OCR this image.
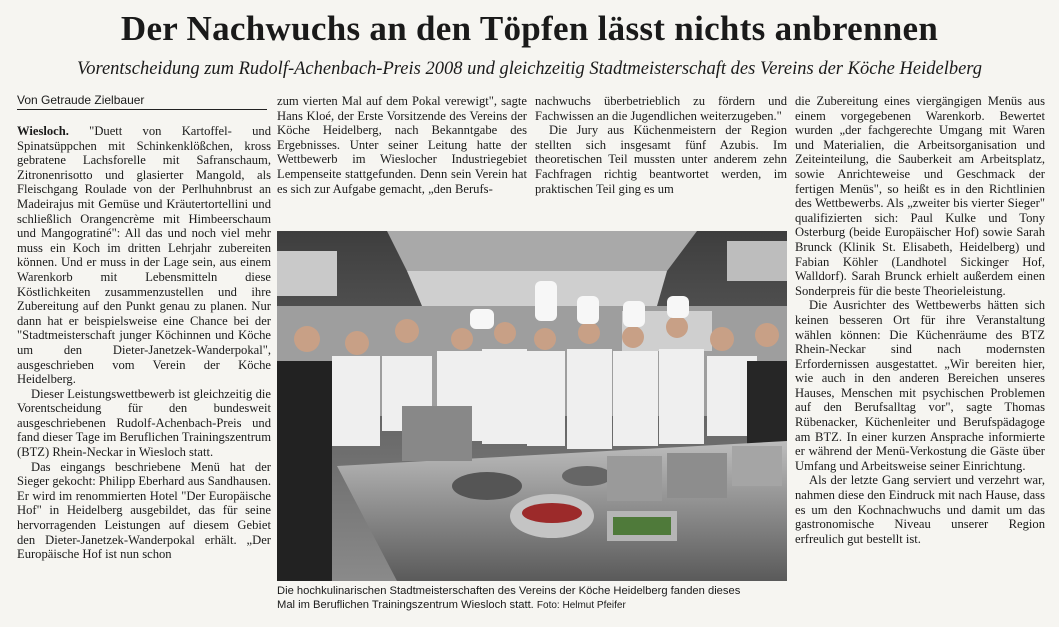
Der Nachwuchs an den Töpfen lässt nichts anbrennen
Vorentscheidung zum Rudolf-Achenbach-Preis 2008 und gleichzeitig Stadtmeisterschaft des Vereins der Köche Heidelberg
Von Getraude Zielbauer

Wiesloch. "Duett von Kartoffel- und Spinatsüppchen mit Schinkenklößchen, kross gebratene Lachsforelle mit Safranschaum, Zitronenrisotto und glasierter Mangold, als Fleischgang Roulade von der Perlhuhnbrust an Madeirajus mit Gemüse und Kräutertortellini und schließlich Orangencrème mit Himbeerschaum und Mangogratiné": All das und noch viel mehr muss ein Koch im dritten Lehrjahr zubereiten können. Und er muss in der Lage sein, aus einem Warenkorb mit Lebensmitteln diese Köstlichkeiten zusammenzustellen und ihre Zubereitung auf den Punkt genau zu planen. Nur dann hat er beispielsweise eine Chance bei der "Stadtmeisterschaft junger Köchinnen und Köche um den Dieter-Janetzek-Wanderpokal", ausgeschrieben vom Verein der Köche Heidelberg.

Dieser Leistungswettbewerb ist gleichzeitig die Vorentscheidung für den bundesweit ausgeschriebenen Rudolf-Achenbach-Preis und fand dieser Tage im Beruflichen Trainingszentrum (BTZ) Rhein-Neckar in Wiesloch statt.

Das eingangs beschriebene Menü hat der Sieger gekocht: Philipp Eberhard aus Sandhausen. Er wird im renommierten Hotel "Der Europäische Hof" in Heidelberg ausgebildet, das für seine hervorragenden Leistungen auf diesem Gebiet den Dieter-Janetzek-Wanderpokal erhält. „Der Europäische Hof ist nun schon

zum vierten Mal auf dem Pokal verewigt", sagte Hans Kloé, der Erste Vorsitzende des Vereins der Köche Heidelberg, nach Bekanntgabe des Ergebnisses. Unter seiner Leitung hatte der Wettbewerb im Wieslocher Industriegebiet Lempenseite stattgefunden. Denn sein Verein hat es sich zur Aufgabe gemacht, „den Berufs-

nachwuchs überbetrieblich zu fördern und Fachwissen an die Jugendlichen weiterzugeben."

Die Jury aus Küchenmeistern der Region stellten sich insgesamt fünf Azubis. Im theoretischen Teil mussten unter anderem zehn Fachfragen richtig beantwortet werden, im praktischen Teil ging es um

die Zubereitung eines viergängigen Menüs aus einem vorgegebenen Warenkorb. Bewertet wurden „der fachgerechte Umgang mit Waren und Materialien, die Arbeitsorganisation und Zeiteinteilung, die Sauberkeit am Arbeitsplatz, sowie Anrichteweise und Geschmack der fertigen Menüs", so heißt es in den Richtlinien des Wettbewerbs. Als „zweiter bis vierter Sieger" qualifizierten sich: Paul Kulke und Tony Osterburg (beide Europäischer Hof) sowie Sarah Brunck (Klinik St. Elisabeth, Heidelberg) und Fabian Köhler (Landhotel Sickinger Hof, Walldorf). Sarah Brunck erhielt außerdem einen Sonderpreis für die beste Theorieleistung.

Die Ausrichter des Wettbewerbs hätten sich keinen besseren Ort für ihre Veranstaltung wählen können: Die Küchenräume des BTZ Rhein-Neckar sind nach modernsten Erfordernissen ausgestattet. „Wir bereiten hier, wie auch in den anderen Bereichen unseres Hauses, Menschen mit psychischen Problemen auf den Berufsalltag vor", sagte Thomas Rübenacker, Küchenleiter und Berufspädagoge am BTZ. In einer kurzen Ansprache informierte er während der Menü-Verkostung die Gäste über Umfang und Arbeitsweise seiner Einrichtung.

Als der letzte Gang serviert und verzehrt war, nahmen diese den Eindruck mit nach Hause, dass es um den Kochnachwuchs und damit um das gastronomische Niveau unserer Region erfreulich gut bestellt ist.

Die hochkulinarischen Stadtmeisterschaften des Vereins der Köche Heidelberg fanden dieses
Mal im Beruflichen Trainingszentrum Wiesloch statt. Foto: Helmut Pfeifer
